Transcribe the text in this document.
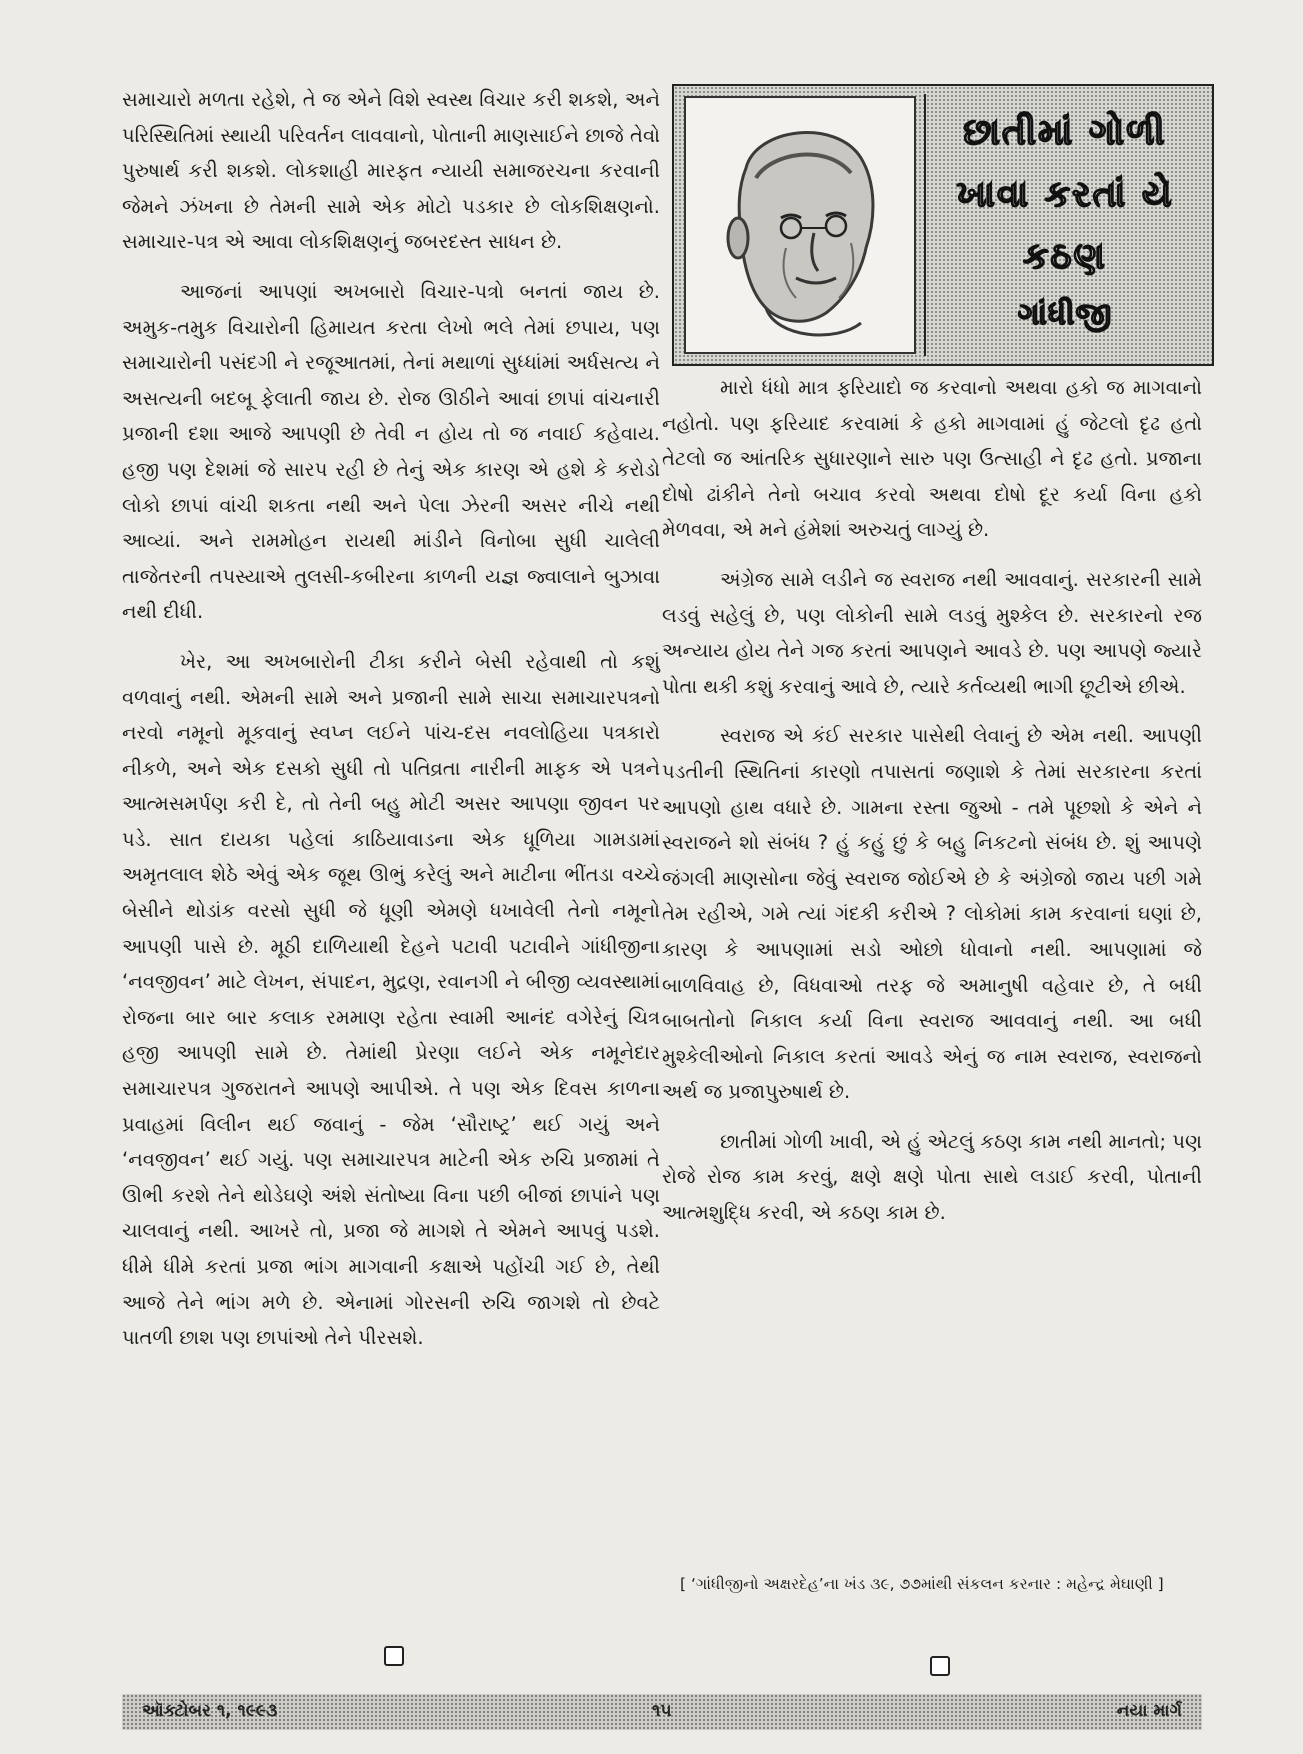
સમાચારો મળતા રહેશે, તે જ એને વિશે સ્વસ્થ વિચાર કરી શકશે, અને પરિસ્થિતિમાં સ્થાયી પરિવર્તન લાવવાનો, પોતાની માણસાઈને છાજે તેવો પુરુષાર્થ કરી શકશે. લોકશાહી મારફત ન્યાયી સમાજરચના કરવાની જેમને ઝંખના છે તેમની સામે એક મોટો પડકાર છે લોકશિક્ષણનો. સમાચાર-પત્ર એ આવા લોકશિક્ષણનું જબરદસ્ત સાધન છે.

આજનાં આપણાં અખબારો વિચાર-પત્રો બનતાં જાય છે. અમુક-તમુક વિચારોની હિમાયત કરતા લેખો ભલે તેમાં છપાય, પણ સમાચારોની પસંદગી ને રજૂઆતમાં, તેનાં મથાળાં સુધ્ધાંમાં અર્ધસત્ય ને અસત્યની બદબૂ ફેલાતી જાય છે. રોજ ઊઠીને આવાં છાપાં વાંચનારી પ્રજાની દશા આજે આપણી છે તેવી ન હોય તો જ નવાઈ કહેવાય. હજી પણ દેશમાં જે સારપ રહી છે તેનું એક કારણ એ હશે કે કરોડો લોકો છાપાં વાંચી શકતા નથી અને પેલા ઝેરની અસર નીચે નથી આવ્યાં. અને રામમોહન રાયથી માંડીને વિનોબા સુધી ચાલેલી તાજેતરની તપસ્યાએ તુલસી-કબીરના કાળની યજ્ઞ જ્વાલાને બુઝાવા નથી દીધી.

ખેર, આ અખબારોની ટીકા કરીને બેસી રહેવાથી તો કશું વળવાનું નથી. એમની સામે અને પ્રજાની સામે સાચા સમાચારપત્રનો નરવો નમૂનો મૂકવાનું સ્વપ્ન લઈને પાંચ-દસ નવલોહિયા પત્રકારો નીકળે, અને એક દસકો સુધી તો પતિવ્રતા નારીની માફક એ પત્રને આત્મસમર્પણ કરી દે, તો તેની બહુ મોટી અસર આપણા જીવન પર પડે. સાત દાયકા પહેલાં કાઠિયાવાડના એક ધૂળિયા ગામડામાં અમૃતલાલ શેઠે એવું એક જૂથ ઊભું કરેલું અને માટીના ભીંતડા વચ્ચે બેસીને થોડાંક વરસો સુધી જે ધૂણી એમણે ધખાવેલી તેનો નમૂનો આપણી પાસે છે. મૂઠી દાળિયાથી દેહને પટાવી પટાવીને ગાંધીજીના ‘નવજીવન’ માટે લેખન, સંપાદન, મુદ્રણ, રવાનગી ને બીજી વ્યવસ્થામાં રોજના બાર બાર કલાક રમમાણ રહેતા સ્વામી આનંદ વગેરેનું ચિત્ર હજી આપણી સામે છે. તેમાંથી પ્રેરણા લઈને એક નમૂનેદાર સમાચારપત્ર ગુજરાતને આપણે આપીએ. તે પણ એક દિવસ કાળના પ્રવાહમાં વિલીન થઈ જવાનું - જેમ ‘સૌરાષ્ટ્ર’ થઈ ગયું અને ‘નવજીવન’ થઈ ગયું. પણ સમાચારપત્ર માટેની એક રુચિ પ્રજામાં તે ઊભી કરશે તેને થોડેઘણે અંશે સંતોષ્યા વિના પછી બીજાં છાપાંને પણ ચાલવાનું નથી. આખરે તો, પ્રજા જે માગશે તે એમને આપવું પડશે. ધીમે ધીમે કરતાં પ્રજા ભાંગ માગવાની કક્ષાએ પહોંચી ગઈ છે, તેથી આજે તેને ભાંગ મળે છે. એનામાં ગોરસની રુચિ જાગશે તો છેવટે પાતળી છાશ પણ છાપાંઓ તેને પીરસશે.

છાતીમાં ગોળી
ખાવા કરતાં યે
કઠણ
ગાંધીજી

મારો ધંધો માત્ર ફરિયાદો જ કરવાનો અથવા હકો જ માગવાનો નહોતો. પણ ફરિયાદ કરવામાં કે હકો માગવામાં હું જેટલો દૃઢ હતો તેટલો જ આંતરિક સુધારણાને સારુ પણ ઉત્સાહી ને દૃઢ હતો. પ્રજાના દોષો ઢાંકીને તેનો બચાવ કરવો અથવા દોષો દૂર કર્યા વિના હકો મેળવવા, એ મને હંમેશાં અરુચતું લાગ્યું છે.

અંગ્રેજ સામે લડીને જ સ્વરાજ નથી આવવાનું. સરકારની સામે લડવું સહેલું છે, પણ લોકોની સામે લડવું મુશ્કેલ છે. સરકારનો રજ અન્યાય હોય તેને ગજ કરતાં આપણને આવડે છે. પણ આપણે જ્યારે પોતા થકી કશું કરવાનું આવે છે, ત્યારે કર્તવ્યથી ભાગી છૂટીએ છીએ.

સ્વરાજ એ કંઈ સરકાર પાસેથી લેવાનું છે એમ નથી. આપણી પડતીની સ્થિતિનાં કારણો તપાસતાં જણાશે કે તેમાં સરકારના કરતાં આપણો હાથ વધારે છે. ગામના રસ્તા જુઓ - તમે પૂછશો કે એને ને સ્વરાજને શો સંબંધ ? હું કહું છું કે બહુ નિકટનો સંબંધ છે. શું આપણે જંગલી માણસોના જેવું સ્વરાજ જોઈએ છે કે અંગ્રેજો જાય પછી ગમે તેમ રહીએ, ગમે ત્યાં ગંદકી કરીએ ? લોકોમાં કામ કરવાનાં ઘણાં છે, કારણ કે આપણામાં સડો ઓછો ધોવાનો નથી. આપણામાં જે બાળવિવાહ છે, વિધવાઓ તરફ જે અમાનુષી વહેવાર છે, તે બધી બાબતોનો નિકાલ કર્યા વિના સ્વરાજ આવવાનું નથી. આ બધી મુશ્કેલીઓનો નિકાલ કરતાં આવડે એનું જ નામ સ્વરાજ, સ્વરાજનો અર્થ જ પ્રજાપુરુષાર્થ છે.

છાતીમાં ગોળી ખાવી, એ હું એટલું કઠણ કામ નથી માનતો; પણ રોજે રોજ કામ કરવું, ક્ષણે ક્ષણે પોતા સાથે લડાઈ કરવી, પોતાની આત્મશુદ્ધિ કરવી, એ કઠણ કામ છે.

[ ‘ગાંધીજીનો અક્ષરદેહ’ના ખંડ ૩૯, ૭૭માંથી સંકલન કરનાર : મહેન્દ્ર મેઘાણી ]
ઑક્ટોબર ૧, ૧૯૯૩	૧૫	નયા માર્ગ
